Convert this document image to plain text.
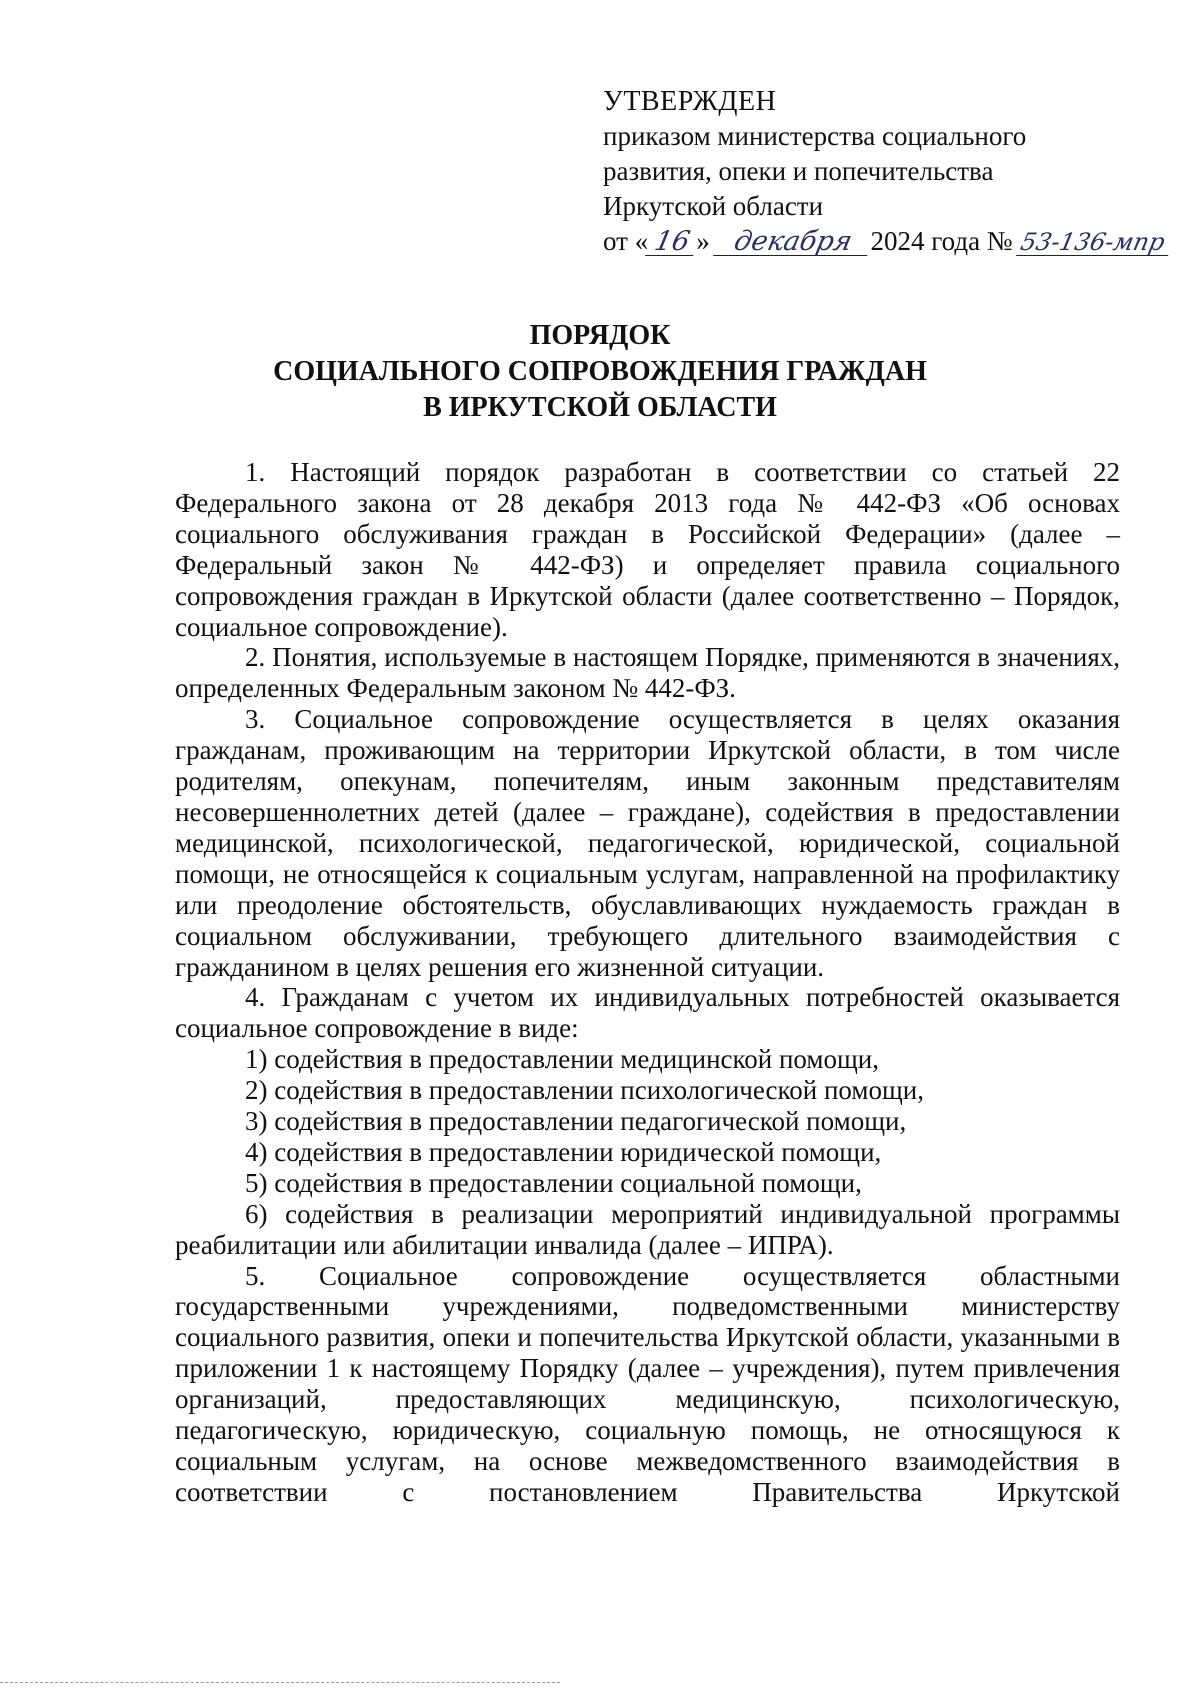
УТВЕРЖДЕН
приказом министерства социального
развития, опеки и попечительства
Иркутской области
от « 16 » декабря 2024 года № 53-136-мпр
ПОРЯДОК
СОЦИАЛЬНОГО СОПРОВОЖДЕНИЯ ГРАЖДАН
В ИРКУТСКОЙ ОБЛАСТИ

1. Настоящий порядок разработан в соответствии со статьей 22 Федерального закона от 28 декабря 2013 года № 442-ФЗ «Об основах социального обслуживания граждан в Российской Федерации» (далее – Федеральный закон № 442-ФЗ) и определяет правила социального сопровождения граждан в Иркутской области (далее соответственно – Порядок, социальное сопровождение).

2. Понятия, используемые в настоящем Порядке, применяются в значениях, определенных Федеральным законом № 442-ФЗ.

3. Социальное сопровождение осуществляется в целях оказания гражданам, проживающим на территории Иркутской области, в том числе родителям, опекунам, попечителям, иным законным представителям несовершеннолетних детей (далее – граждане), содействия в предоставлении медицинской, психологической, педагогической, юридической, социальной помощи, не относящейся к социальным услугам, направленной на профилактику или преодоление обстоятельств, обуславливающих нуждаемость граждан в социальном обслуживании, требующего длительного взаимодействия с гражданином в целях решения его жизненной ситуации.

4. Гражданам с учетом их индивидуальных потребностей оказывается социальное сопровождение в виде:

1) содействия в предоставлении медицинской помощи,

2) содействия в предоставлении психологической помощи,

3) содействия в предоставлении педагогической помощи,

4) содействия в предоставлении юридической помощи,

5) содействия в предоставлении социальной помощи,

6) содействия в реализации мероприятий индивидуальной программы реабилитации или абилитации инвалида (далее – ИПРА).

5. Социальное сопровождение осуществляется областными государственными учреждениями, подведомственными министерству социального развития, опеки и попечительства Иркутской области, указанными в приложении 1 к настоящему Порядку (далее – учреждения), путем привлечения организаций, предоставляющих медицинскую, психологическую, педагогическую, юридическую, социальную помощь, не относящуюся к социальным услугам, на основе межведомственного взаимодействия в соответствии с постановлением Правительства Иркутской
